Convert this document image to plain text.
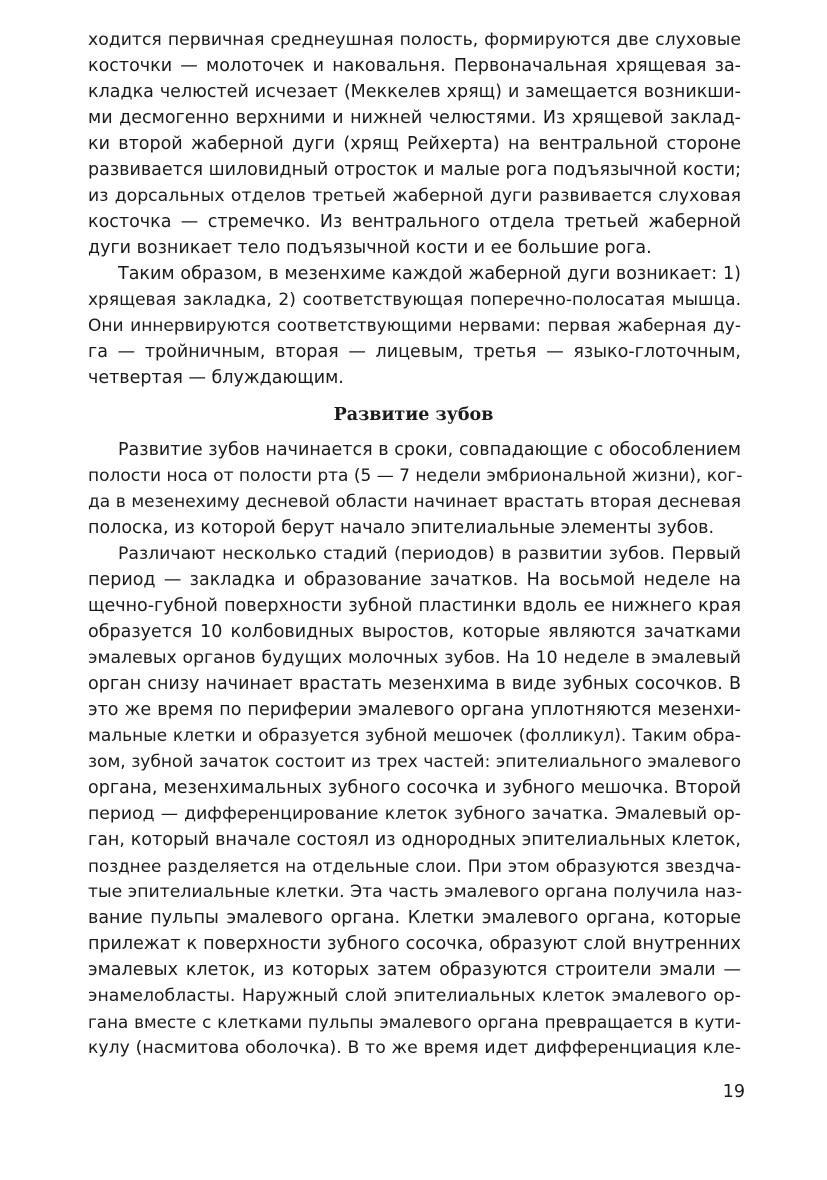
ходится первичная среднеушная полость, формируются две слуховые
косточки — молоточек и наковальня. Первоначальная хрящевая за-
кладка челюстей исчезает (Меккелев хрящ) и замещается возникши-
ми десмогенно верхними и нижней челюстями. Из хрящевой заклад-
ки второй жаберной дуги (хрящ Рейхерта) на вентральной стороне
развивается шиловидный отросток и малые рога подъязычной кости;
из дорсальных отделов третьей жаберной дуги развивается слуховая
косточка — стремечко. Из вентрального отдела третьей жаберной
дуги возникает тело подъязычной кости и ее большие рога.
Таким образом, в мезенхиме каждой жаберной дуги возникает: 1)
хрящевая закладка, 2) соответствующая поперечно-полосатая мышца.
Они иннервируются соответствующими нервами: первая жаберная ду-
га — тройничным, вторая — лицевым, третья — языко-глоточным,
четвертая — блуждающим.
Развитие зубов
Развитие зубов начинается в сроки, совпадающие с обособлением
полости носа от полости рта (5 — 7 недели эмбриональной жизни), ког-
да в мезенехиму десневой области начинает врастать вторая десневая
полоска, из которой берут начало эпителиальные элементы зубов.
Различают несколько стадий (периодов) в развитии зубов. Первый
период — закладка и образование зачатков. На восьмой неделе на
щечно-губной поверхности зубной пластинки вдоль ее нижнего края
образуется 10 колбовидных выростов, которые являются зачатками
эмалевых органов будущих молочных зубов. На 10 неделе в эмалевый
орган снизу начинает врастать мезенхима в виде зубных сосочков. В
это же время по периферии эмалевого органа уплотняются мезенхи-
мальные клетки и образуется зубной мешочек (фолликул). Таким обра-
зом, зубной зачаток состоит из трех частей: эпителиального эмалевого
органа, мезенхимальных зубного сосочка и зубного мешочка. Второй
период — дифференцирование клеток зубного зачатка. Эмалевый ор-
ган, который вначале состоял из однородных эпителиальных клеток,
позднее разделяется на отдельные слои. При этом образуются звездча-
тые эпителиальные клетки. Эта часть эмалевого органа получила наз-
вание пульпы эмалевого органа. Клетки эмалевого органа, которые
прилежат к поверхности зубного сосочка, образуют слой внутренних
эмалевых клеток, из которых затем образуются строители эмали —
энамелобласты. Наружный слой эпителиальных клеток эмалевого ор-
гана вместе с клетками пульпы эмалевого органа превращается в кути-
кулу (насмитова оболочка). В то же время идет дифференциация кле-
19
